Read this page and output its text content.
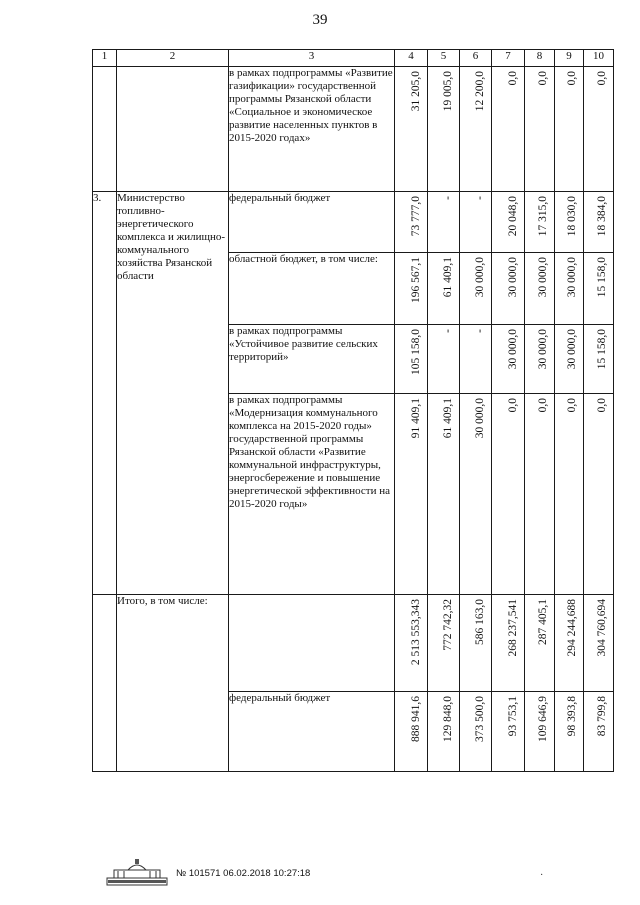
39
1	2	3	4	5	6	7	8	9	10
		в рамках подпрограммы «Развитие газификации» государственной программы Рязанской области «Социальное и экономическое развитие населенных пунктов в 2015-2020 годах»	31 205,0	19 005,0	12 200,0	0,0	0,0	0,0	0,0

3.	Министерство топливно-энергетического комплекса и жилищно-коммунального хозяйства Рязанской области	федеральный бюджет	73 777,0	-	-	20 048,0	17 315,0	18 030,0	18 384,0

		областной бюджет, в том числе:	196 567,1	61 409,1	30 000,0	30 000,0	30 000,0	30 000,0	15 158,0

		в рамках подпрограммы «Устойчивое развитие сельских территорий»	105 158,0	-	-	30 000,0	30 000,0	30 000,0	15 158,0

		в рамках подпрограммы «Модернизация коммунального комплекса на 2015-2020 годы» государственной программы Рязанской области «Развитие коммунальной инфраструктуры, энергосбережение и повышение энергетической эффективности на 2015-2020 годы»	91 409,1	61 409,1	30 000,0	0,0	0,0	0,0	0,0

	Итого, в том числе:		2 513 553,343	772 742,32	586 163,0	268 237,541	287 405,1	294 244,688	304 760,694

		федеральный бюджет	888 941,6	129 848,0	373 500,0	93 753,1	109 646,9	98 393,8	83 799,8
№ 101571 06.02.2018 10:27:18	·
